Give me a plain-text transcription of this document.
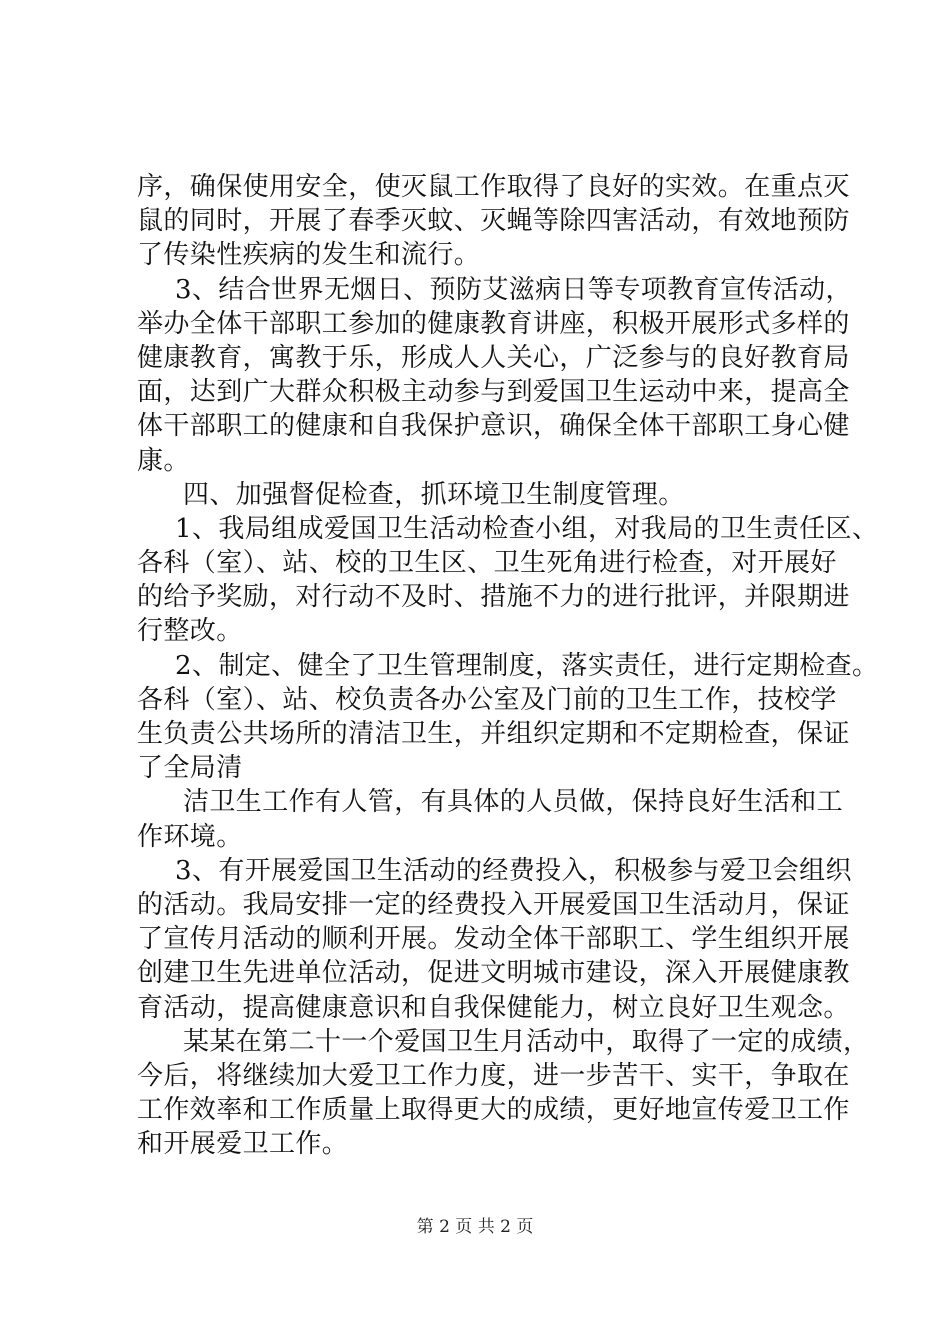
序，确保使用安全，使灭鼠工作取得了良好的实效。在重点灭
鼠的同时，开展了春季灭蚊、灭蝇等除四害活动，有效地预防
了传染性疾病的发生和流行。
3、结合世界无烟日、预防艾滋病日等专项教育宣传活动，
举办全体干部职工参加的健康教育讲座，积极开展形式多样的
健康教育，寓教于乐，形成人人关心，广泛参与的良好教育局
面，达到广大群众积极主动参与到爱国卫生运动中来，提高全
体干部职工的健康和自我保护意识，确保全体干部职工身心健
康。
四、加强督促检查，抓环境卫生制度管理。
1、我局组成爱国卫生活动检查小组，对我局的卫生责任区、
各科（室）、站、校的卫生区、卫生死角进行检查，对开展好
的给予奖励，对行动不及时、措施不力的进行批评，并限期进
行整改。
2、制定、健全了卫生管理制度，落实责任，进行定期检查。
各科（室）、站、校负责各办公室及门前的卫生工作，技校学
生负责公共场所的清洁卫生，并组织定期和不定期检查，保证
了全局清
洁卫生工作有人管，有具体的人员做，保持良好生活和工
作环境。
3、有开展爱国卫生活动的经费投入，积极参与爱卫会组织
的活动。我局安排一定的经费投入开展爱国卫生活动月，保证
了宣传月活动的顺利开展。发动全体干部职工、学生组织开展
创建卫生先进单位活动，促进文明城市建设，深入开展健康教
育活动，提高健康意识和自我保健能力，树立良好卫生观念。
某某在第二十一个爱国卫生月活动中，取得了一定的成绩，
今后，将继续加大爱卫工作力度，进一步苦干、实干，争取在
工作效率和工作质量上取得更大的成绩，更好地宣传爱卫工作
和开展爱卫工作。
第 2 页 共 2 页
